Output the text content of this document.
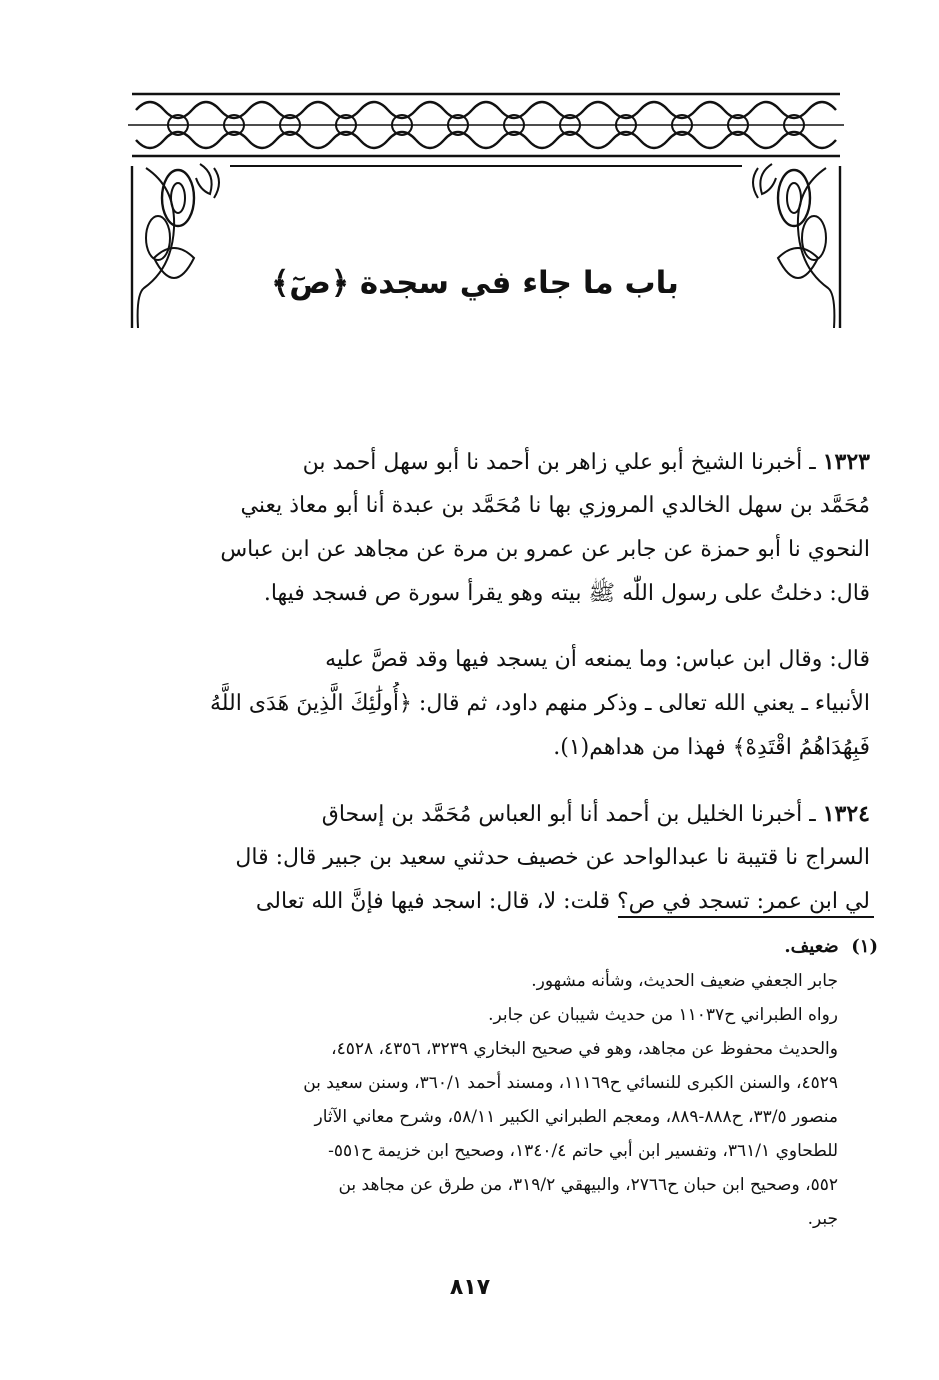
باب ما جاء في سجدة ﴿صٓ﴾
١٣٢٣ ـ أخبرنا الشيخ أبو علي زاهر بن أحمد نا أبو سهل أحمد بن
مُحَمَّد بن سهل الخالدي المروزي بها نا مُحَمَّد بن عبدة أنا أبو معاذ يعني
النحوي نا أبو حمزة عن جابر عن عمرو بن مرة عن مجاهد عن ابن عباس
قال: دخلتُ على رسول اللّٰه ﷺ بيته وهو يقرأ سورة ص فسجد فيها.
قال: وقال ابن عباس: وما يمنعه أن يسجد فيها وقد قصَّ عليه
الأنبياء ـ يعني الله تعالى ـ وذكر منهم داود، ثم قال: ﴿أُولَٰئِكَ الَّذِينَ هَدَى اللَّهُ
فَبِهُدَاهُمُ اقْتَدِهْ﴾ فهذا من هداهم(١).
١٣٢٤ ـ أخبرنا الخليل بن أحمد أنا أبو العباس مُحَمَّد بن إسحاق
السراج نا قتيبة نا عبدالواحد عن خصيف حدثني سعيد بن جبير قال: قال
لي ابن عمر: تسجد في ص؟ قلت: لا، قال: اسجد فيها فإنَّ الله تعالى
(١)  ضعيف.
جابر الجعفي ضعيف الحديث، وشأنه مشهور.
رواه الطبراني ح١١٠٣٧ من حديث شيبان عن جابر.
والحديث محفوظ عن مجاهد، وهو في صحيح البخاري ٣٢٣٩، ٤٣٥٦، ٤٥٢٨،
٤٥٢٩، والسنن الكبرى للنسائي ح١١١٦٩، ومسند أحمد ٣٦٠/١، وسنن سعيد بن
منصور ٣٣/٥، ح٨٨٨-٨٨٩، ومعجم الطبراني الكبير ٥٨/١١، وشرح معاني الآثار
للطحاوي ٣٦١/١، وتفسير ابن أبي حاتم ١٣٤٠/٤، وصحيح ابن خزيمة ح٥٥١-
٥٥٢، وصحيح ابن حبان ح٢٧٦٦، والبيهقي ٣١٩/٢، من طرق عن مجاهد بن
جبر.
٨١٧
